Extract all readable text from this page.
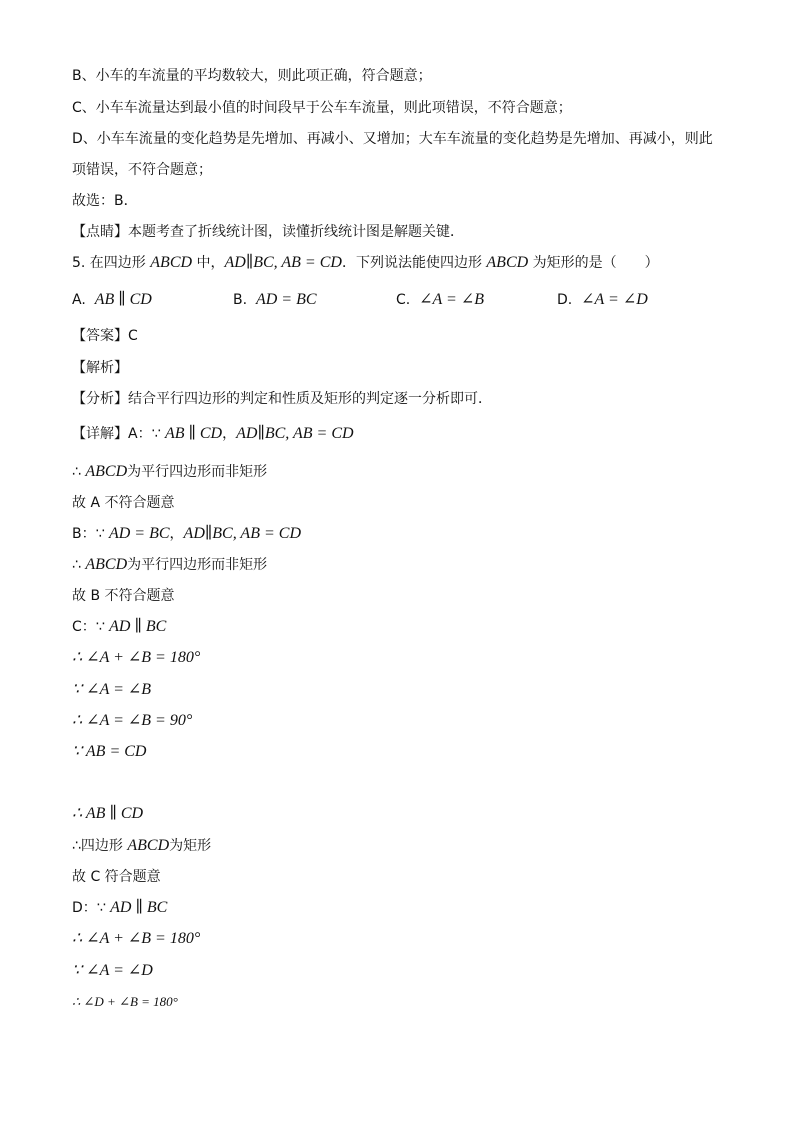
B、小车的车流量的平均数较大，则此项正确，符合题意；
C、小车车流量达到最小值的时间段早于公车车流量，则此项错误，不符合题意；
D、小车车流量的变化趋势是先增加、再减小、又增加；大车车流量的变化趋势是先增加、再减小，则此
项错误，不符合题意；
故选：B．
【点睛】本题考查了折线统计图，读懂折线统计图是解题关键．
5. 在四边形 ABCD 中，AD∥BC, AB = CD．下列说法能使四边形 ABCD 为矩形的是（　　）
A. AB ∥ CD	B. AD = BC	C. ∠A = ∠B	D. ∠A = ∠D
【答案】C
【解析】
【分析】结合平行四边形的判定和性质及矩形的判定逐一分析即可．
【详解】A：∵ AB ∥ CD，AD∥BC, AB = CD
∴ ABCD为平行四边形而非矩形
故 A 不符合题意
B：∵ AD = BC，AD∥BC, AB = CD
∴ ABCD为平行四边形而非矩形
故 B 不符合题意
C：∵ AD ∥ BC
∴ ∠A + ∠B = 180°
∵ ∠A = ∠B
∴ ∠A = ∠B = 90°
∵ AB = CD
∴ AB ∥ CD
∴四边形 ABCD为矩形
故 C 符合题意
D：∵ AD ∥ BC
∴ ∠A + ∠B = 180°
∵ ∠A = ∠D
∴ ∠D + ∠B = 180°
